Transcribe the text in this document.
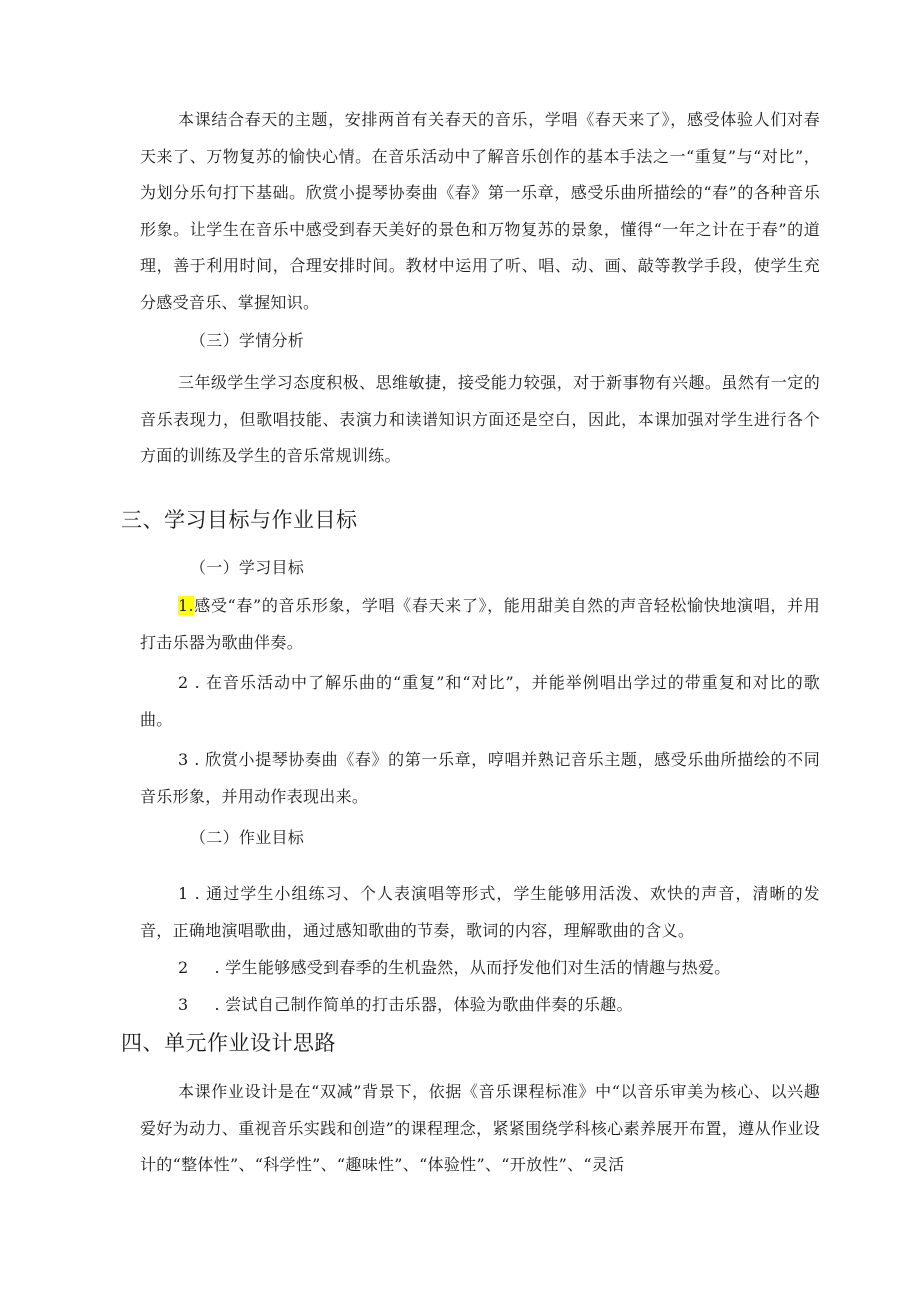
本课结合春天的主题，安排两首有关春天的音乐，学唱《春天来了》，感受体验人们对春天来了、万物复苏的愉快心情。在音乐活动中了解音乐创作的基本手法之一“重复”与“对比”，为划分乐句打下基础。欣赏小提琴协奏曲《春》第一乐章，感受乐曲所描绘的“春”的各种音乐形象。让学生在音乐中感受到春天美好的景色和万物复苏的景象，懂得“一年之计在于春”的道理，善于利用时间，合理安排时间。教材中运用了听、唱、动、画、敲等教学手段，使学生充分感受音乐、掌握知识。

（三）学情分析

三年级学生学习态度积极、思维敏捷，接受能力较强，对于新事物有兴趣。虽然有一定的音乐表现力，但歌唱技能、表演力和读谱知识方面还是空白，因此，本课加强对学生进行各个方面的训练及学生的音乐常规训练。

三、学习目标与作业目标

（一）学习目标

1.感受“春”的音乐形象，学唱《春天来了》，能用甜美自然的声音轻松愉快地演唱，并用打击乐器为歌曲伴奏。

2 . 在音乐活动中了解乐曲的“重复”和“对比”，并能举例唱出学过的带重复和对比的歌曲。

3 . 欣赏小提琴协奏曲《春》的第一乐章，哼唱并熟记音乐主题，感受乐曲所描绘的不同音乐形象，并用动作表现出来。

（二）作业目标

1 . 通过学生小组练习、个人表演唱等形式，学生能够用活泼、欢快的声音，清晰的发音，正确地演唱歌曲，通过感知歌曲的节奏，歌词的内容，理解歌曲的含义。

2 . 学生能够感受到春季的生机盎然，从而抒发他们对生活的情趣与热爱。

3 . 尝试自己制作简单的打击乐器，体验为歌曲伴奏的乐趣。

四、单元作业设计思路

本课作业设计是在“双减”背景下，依据《音乐课程标准》中“以音乐审美为核心、以兴趣爱好为动力、重视音乐实践和创造”的课程理念，紧紧围绕学科核心素养展开布置，遵从作业设计的“整体性”、“科学性”、“趣味性”、“体验性”、“开放性”、“灵活
